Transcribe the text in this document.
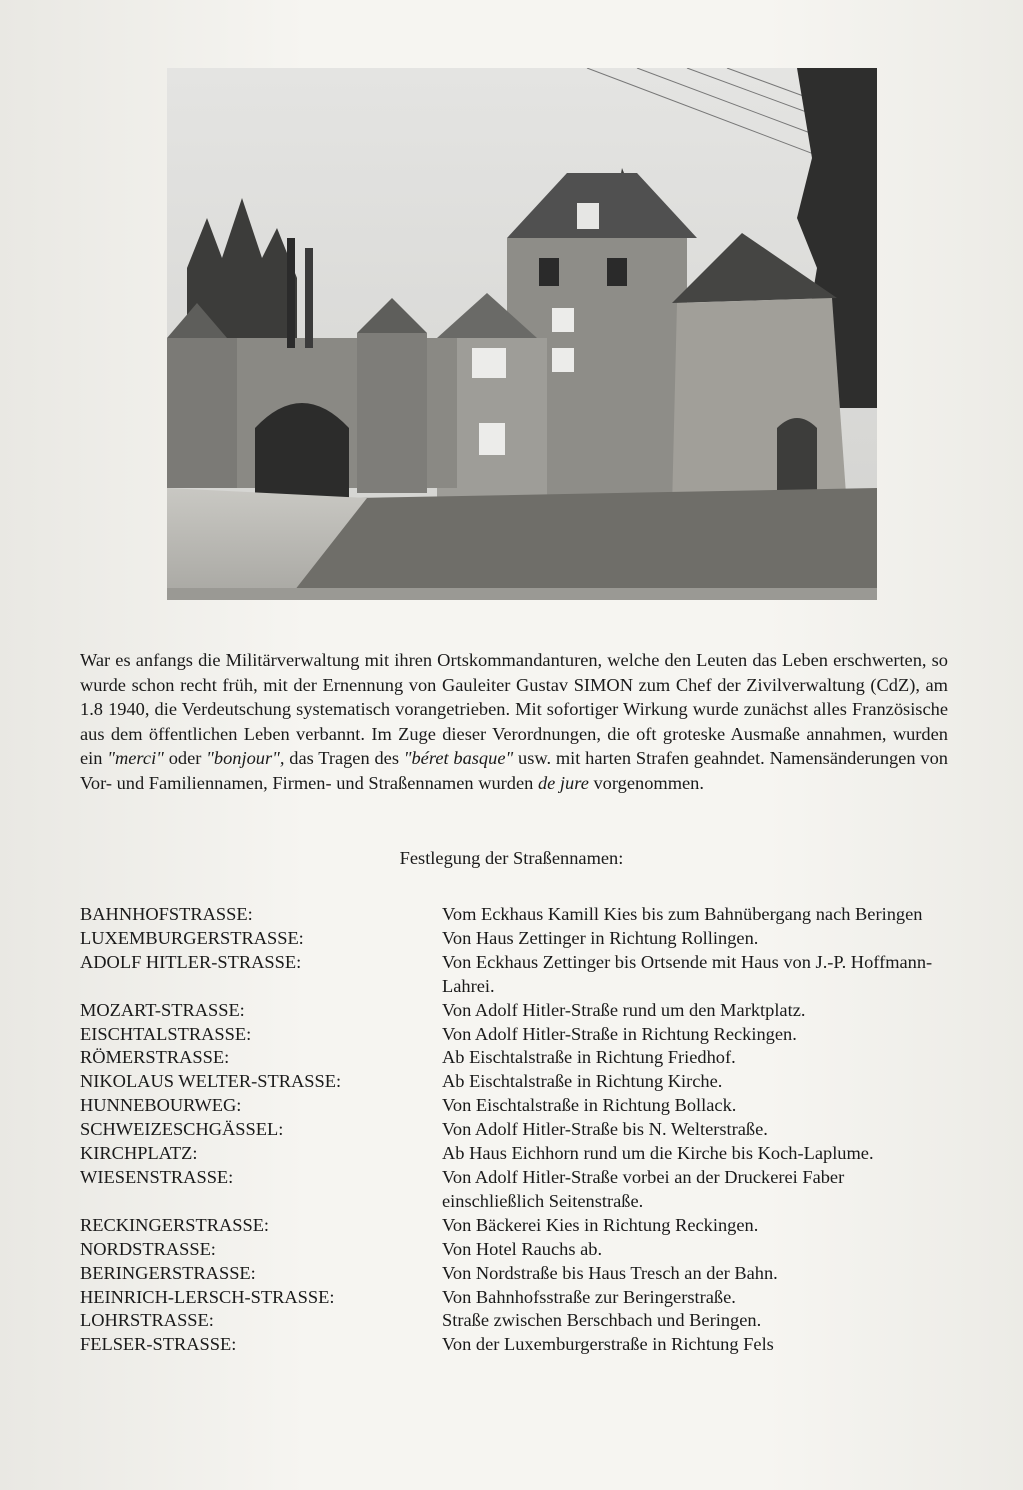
War es anfangs die Militärverwaltung mit ihren Ortskommandanturen, welche den Leuten das Leben erschwerten, so wurde schon recht früh, mit der Ernennung von Gauleiter Gustav SIMON zum Chef der Zivilverwaltung (CdZ), am 1.8 1940, die Verdeutschung systematisch vorangetrieben. Mit sofortiger Wirkung wurde zunächst alles Französische aus dem öffentlichen Leben verbannt. Im Zuge dieser Verordnungen, die oft groteske Ausmaße annahmen, wurden ein "merci" oder "bonjour", das Tragen des "béret basque" usw. mit harten Strafen geahndet. Namensänderungen von Vor- und Familiennamen, Firmen- und Straßennamen wurden de jure vorgenommen.

Festlegung der Straßennamen:

BAHNHOFSTRASSE:	Vom Eckhaus Kamill Kies bis zum Bahnübergang nach Beringen
LUXEMBURGERSTRASSE:	Von Haus Zettinger in Richtung Rollingen.
ADOLF HITLER-STRASSE:	Von Eckhaus Zettinger bis Ortsende mit Haus von J.-P. Hoffmann-Lahrei.
MOZART-STRASSE:	Von Adolf Hitler-Straße rund um den Marktplatz.
EISCHTALSTRASSE:	Von Adolf Hitler-Straße in Richtung Reckingen.
RÖMERSTRASSE:	Ab Eischtalstraße in Richtung Friedhof.
NIKOLAUS WELTER-STRASSE:	Ab Eischtalstraße in Richtung Kirche.
HUNNEBOURWEG:	Von Eischtalstraße in Richtung Bollack.
SCHWEIZESCHGÄSSEL:	Von Adolf Hitler-Straße bis N. Welterstraße.
KIRCHPLATZ:	Ab Haus Eichhorn rund um die Kirche bis Koch-Laplume.
WIESENSTRASSE:	Von Adolf Hitler-Straße vorbei an der Druckerei Faber einschließlich Seitenstraße.
RECKINGERSTRASSE:	Von Bäckerei Kies in Richtung Reckingen.
NORDSTRASSE:	Von Hotel Rauchs ab.
BERINGERSTRASSE:	Von Nordstraße bis Haus Tresch an der Bahn.
HEINRICH-LERSCH-STRASSE:	Von Bahnhofsstraße zur Beringerstraße.
LOHRSTRASSE:	Straße zwischen Berschbach und Beringen.
FELSER-STRASSE:	Von der Luxemburgerstraße in Richtung Fels
